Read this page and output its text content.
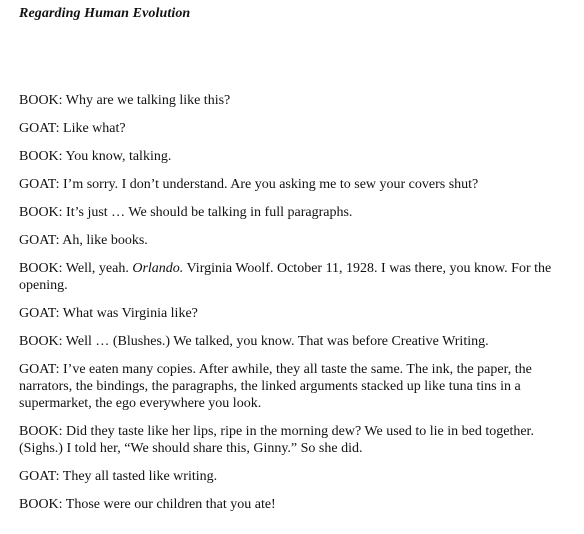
Regarding Human Evolution

BOOK: Why are we talking like this?

GOAT: Like what?

BOOK: You know, talking.

GOAT: I’m sorry. I don’t understand. Are you asking me to sew your covers shut?

BOOK: It’s just … We should be talking in full paragraphs.

GOAT: Ah, like books.

BOOK: Well, yeah. Orlando. Virginia Woolf. October 11, 1928. I was there, you know. For the opening.

GOAT: What was Virginia like?

BOOK: Well … (Blushes.) We talked, you know. That was before Creative Writing.

GOAT: I’ve eaten many copies. After awhile, they all taste the same. The ink, the paper, the narrators, the bindings, the paragraphs, the linked arguments stacked up like tuna tins in a supermarket, the ego everywhere you look.

BOOK: Did they taste like her lips, ripe in the morning dew? We used to lie in bed together. (Sighs.) I told her, “We should share this, Ginny.” So she did.

GOAT: They all tasted like writing.

BOOK: Those were our children that you ate!
